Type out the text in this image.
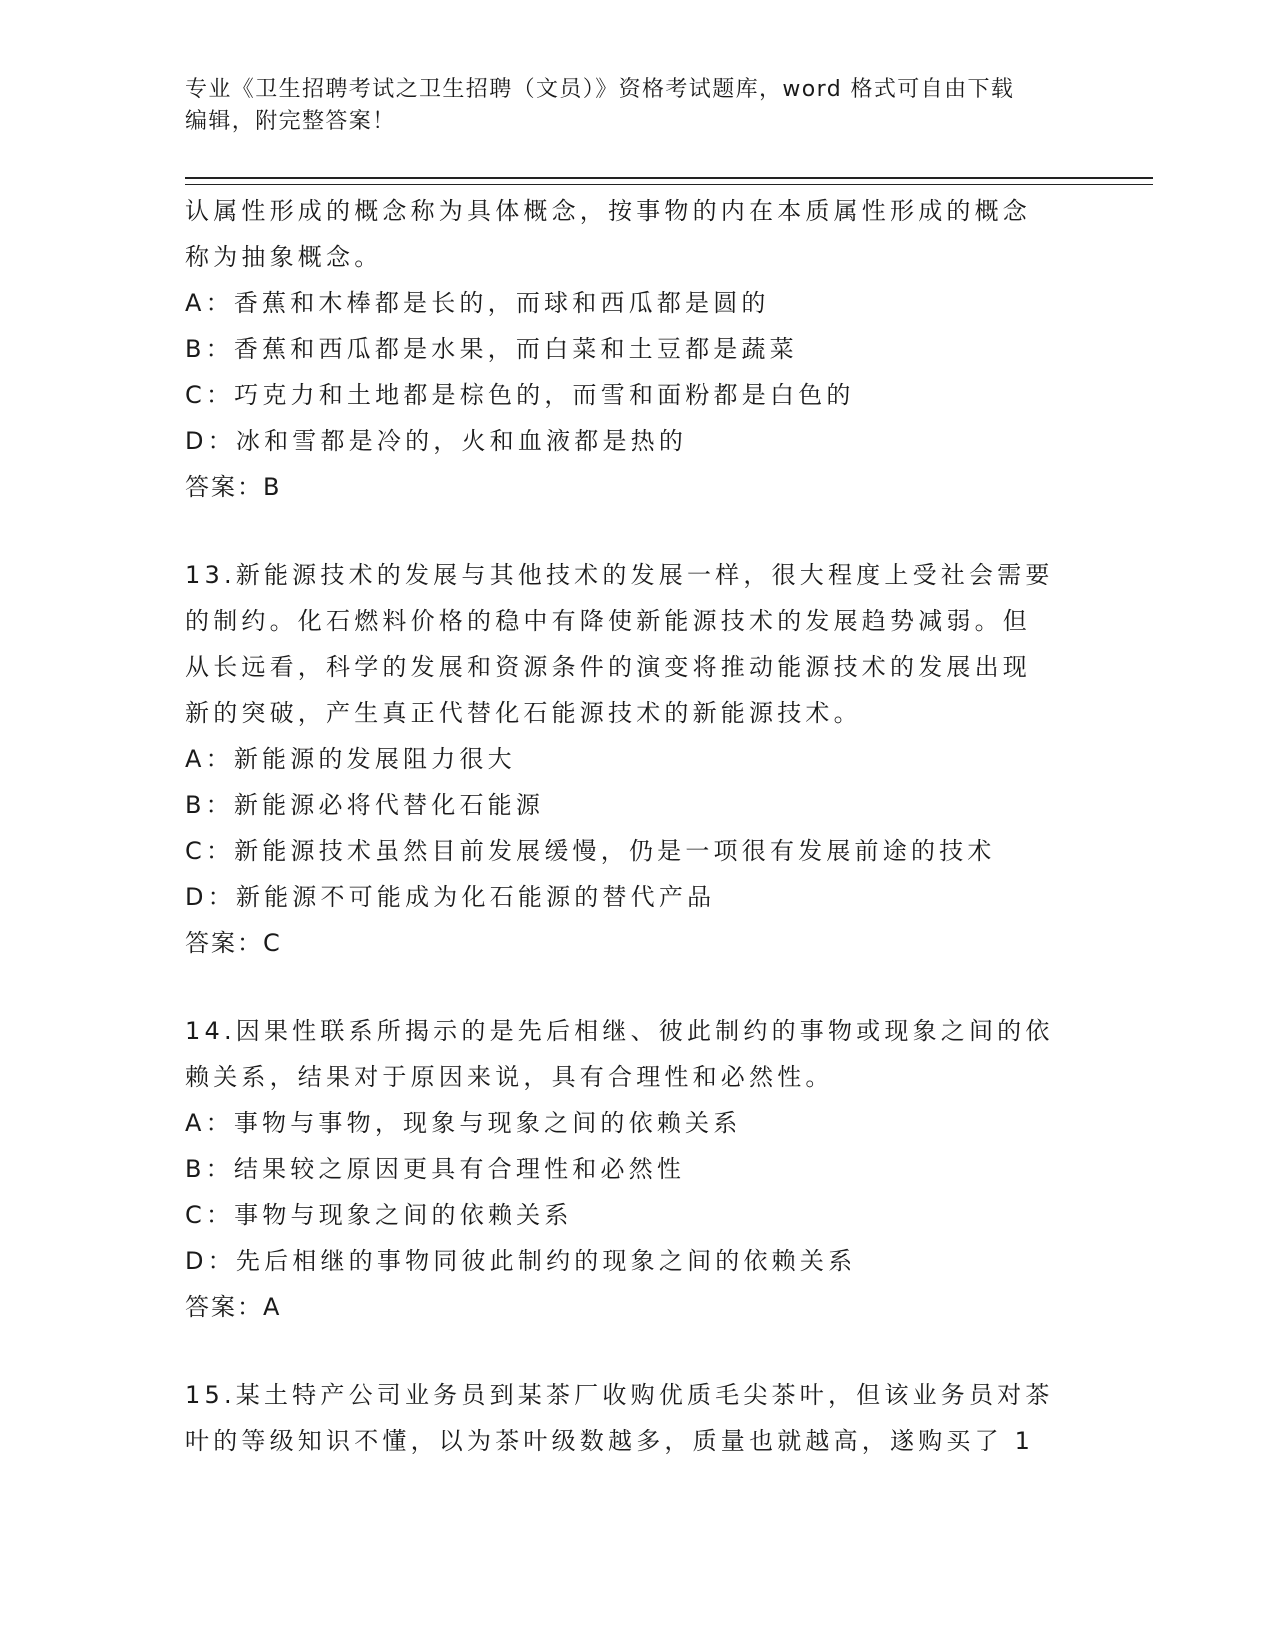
专业《卫生招聘考试之卫生招聘（文员）》资格考试题库，word 格式可自由下载
编辑，附完整答案！
认属性形成的概念称为具体概念，按事物的内在本质属性形成的概念
称为抽象概念。
A：香蕉和木棒都是长的，而球和西瓜都是圆的
B：香蕉和西瓜都是水果，而白菜和土豆都是蔬菜
C：巧克力和土地都是棕色的，而雪和面粉都是白色的
D：冰和雪都是冷的，火和血液都是热的
答案：B
13.新能源技术的发展与其他技术的发展一样，很大程度上受社会需要
的制约。化石燃料价格的稳中有降使新能源技术的发展趋势减弱。但
从长远看，科学的发展和资源条件的演变将推动能源技术的发展出现
新的突破，产生真正代替化石能源技术的新能源技术。
A：新能源的发展阻力很大
B：新能源必将代替化石能源
C：新能源技术虽然目前发展缓慢，仍是一项很有发展前途的技术
D：新能源不可能成为化石能源的替代产品
答案：C
14.因果性联系所揭示的是先后相继、彼此制约的事物或现象之间的依
赖关系，结果对于原因来说，具有合理性和必然性。
A：事物与事物，现象与现象之间的依赖关系
B：结果较之原因更具有合理性和必然性
C：事物与现象之间的依赖关系
D：先后相继的事物同彼此制约的现象之间的依赖关系
答案：A
15.某土特产公司业务员到某茶厂收购优质毛尖茶叶，但该业务员对茶
叶的等级知识不懂，以为茶叶级数越多，质量也就越高，遂购买了 1
